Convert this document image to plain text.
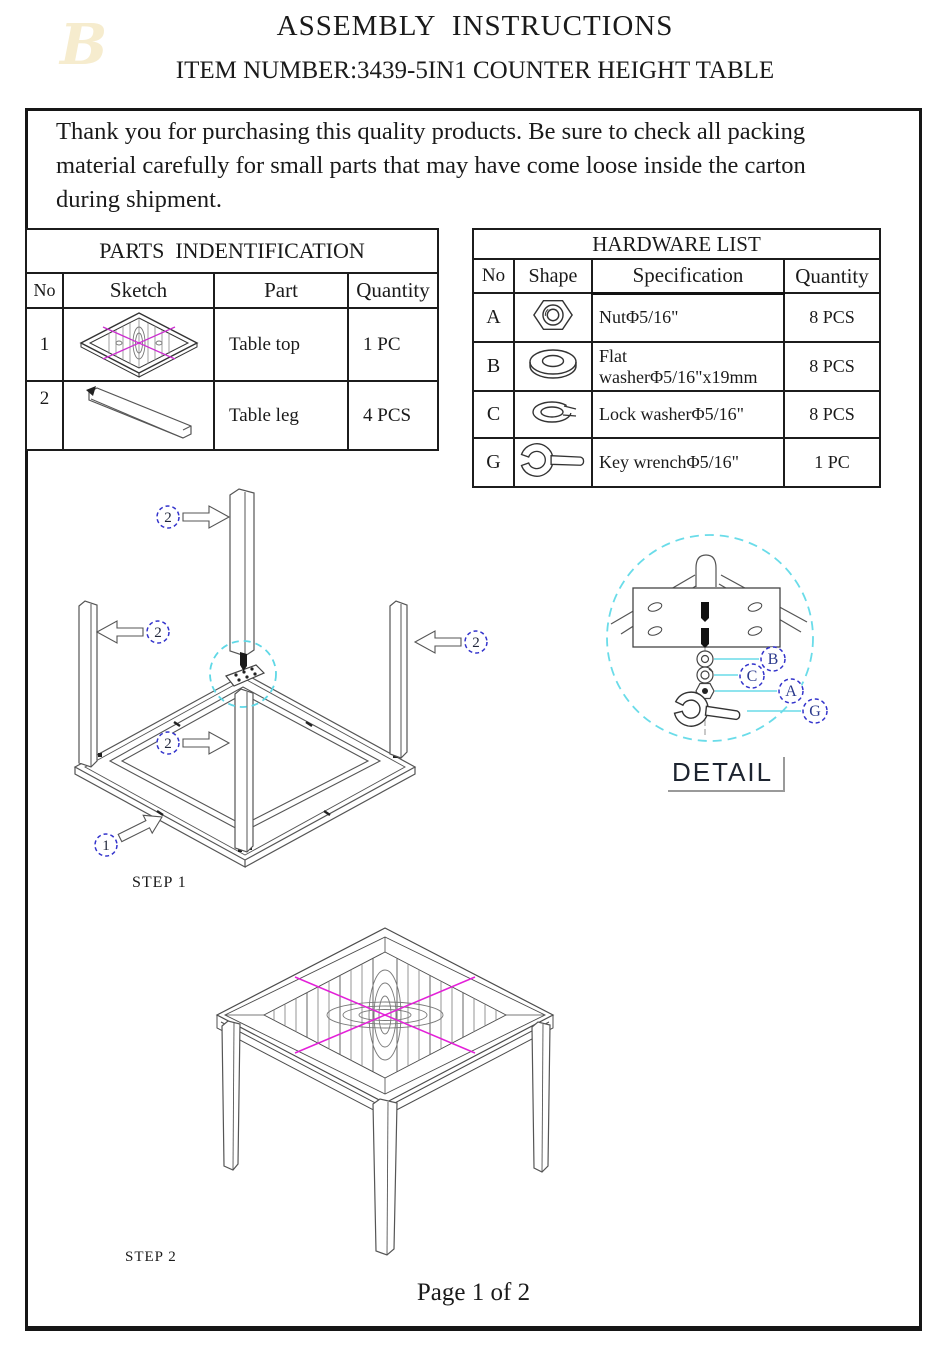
B	ASSEMBLY  INSTRUCTIONS
ITEM NUMBER:3439-5IN1 COUNTER HEIGHT TABLE
Thank you for purchasing this quality products. Be sure to check all packing
material carefully for small parts that may have come loose inside the carton
during shipment.
PARTS  INDENTIFICATION			
No	Sketch	Part	Quantity
1		Table top	1 PC
2		Table leg	4 PCS
HARDWARE LIST			
No	Shape	Specification	Quantity
A		NutΦ5/16"	8 PCS
B		Flat washerΦ5/16"x19mm	8 PCS
C		Lock washerΦ5/16"	8 PCS
G		Key wrenchΦ5/16"	1 PC
2
2
2
2
1
STEP 1
B
C
A
G
DETAIL
STEP 2
Page 1 of 2
